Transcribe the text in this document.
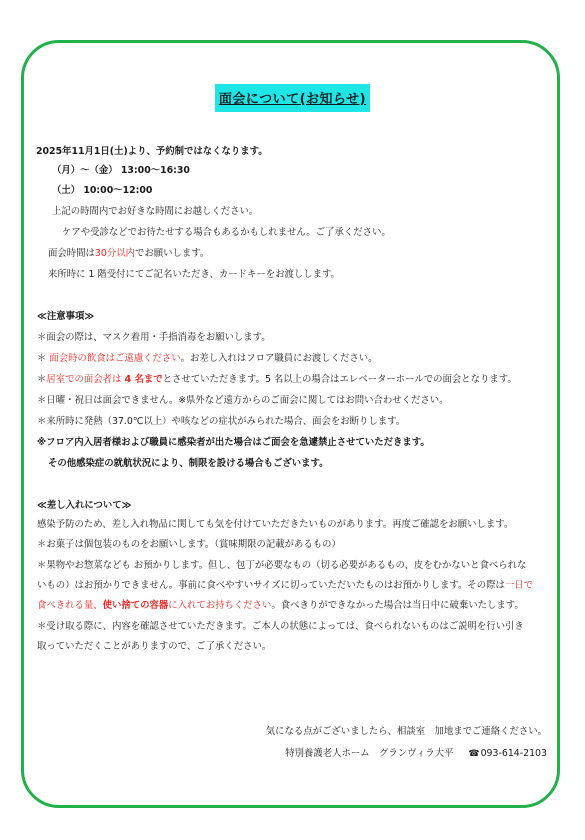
面会について(お知らせ)
2025年11月1日(土)より、予約制ではなくなります。
（月）～（金） 13:00～16:30
（土） 10:00～12:00
上記の時間内でお好きな時間にお越しください。
ケアや受診などでお待たせする場合もあるかもしれません。ご了承ください。
面会時間は30分以内でお願いします。
来所時に 1 階受付にてご記名いただき、カードキーをお渡しします。
≪注意事項≫
＊面会の際は、マスク着用・手指消毒をお願いします。
＊ 面会時の飲食はご遠慮ください。お差し入れはフロア職員にお渡しください。
＊居室での面会者は 4 名までとさせていただきます。5 名以上の場合はエレベーターホールでの面会となります。
＊日曜・祝日は面会できません。※県外など遠方からのご面会に関してはお問い合わせください。
＊来所時に発熱（37.0℃以上）や咳などの症状がみられた場合、面会をお断りします。
※フロア内入居者様および職員に感染者が出た場合はご面会を急遽禁止させていただきます。
その他感染症の就航状況により、制限を設ける場合もございます。
≪差し入れについて≫
感染予防のため、差し入れ物品に関しても気を付けていただきたいものがあります。再度ご確認をお願いします。
＊お菓子は個包装のものをお願いします。（賞味期限の記載があるもの）
＊果物やお惣菜なども お預かりします。但し、包丁が必要なもの（切る必要があるもの、皮をむかないと食べられな
いもの）はお預かりできません。事前に食べやすいサイズに切っていただいたものはお預かりします。その際は一日で
食べきれる量、使い捨ての容器に入れてお持ちください。食べきりができなかった場合は当日中に破棄いたします。
＊受け取る際に、内容を確認させていただきます。ご本人の状態によっては、食べられないものはご説明を行い引き
取っていただくことがありますので、ご了承ください。
気になる点がございましたら、相談室　加地までご連絡ください。
特別養護老人ホーム　グランヴィラ大平 ☎093-614-2103
